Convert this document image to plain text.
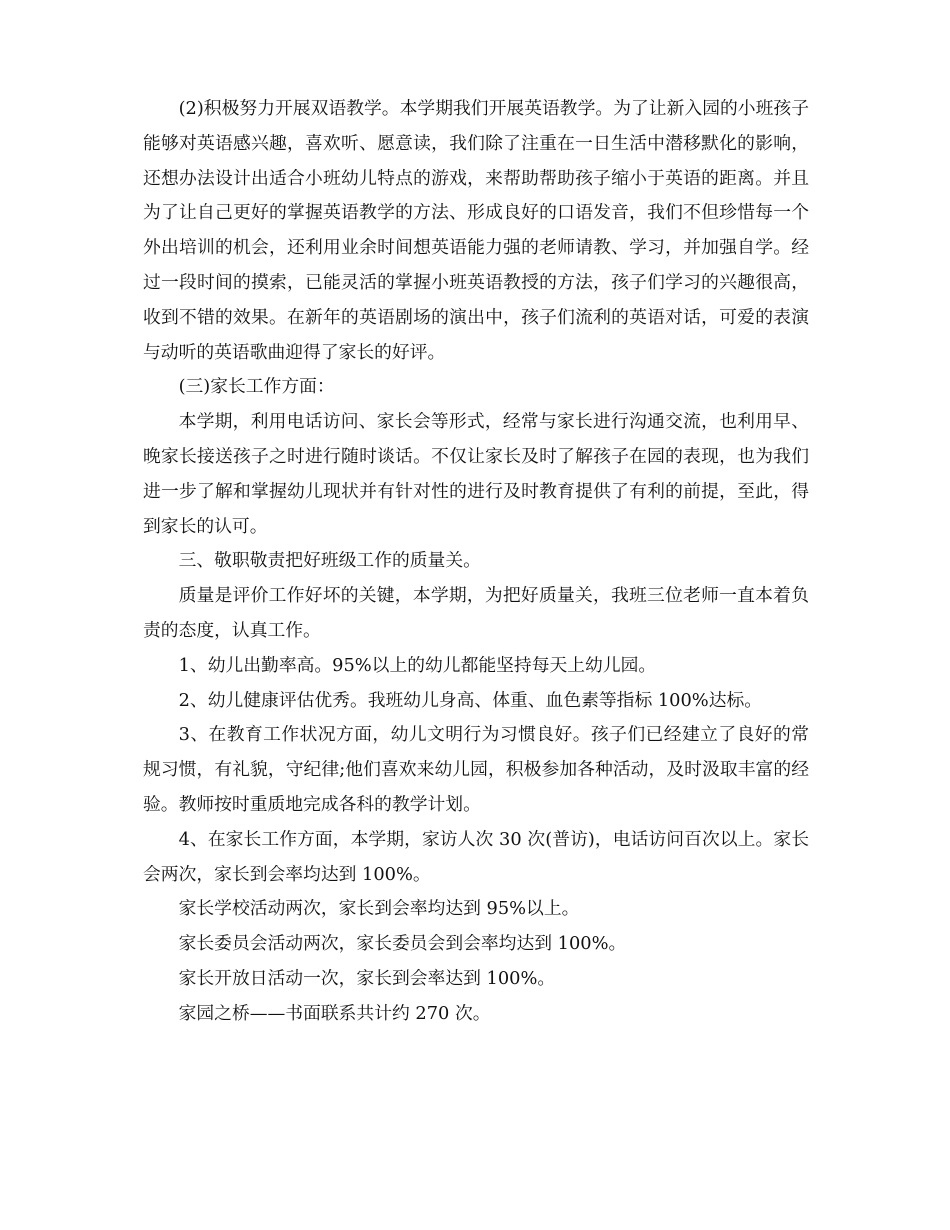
(2)积极努力开展双语教学。本学期我们开展英语教学。为了让新入园的小班孩子能够对英语感兴趣，喜欢听、愿意读，我们除了注重在一日生活中潜移默化的影响，还想办法设计出适合小班幼儿特点的游戏，来帮助帮助孩子缩小于英语的距离。并且为了让自己更好的掌握英语教学的方法、形成良好的口语发音，我们不但珍惜每一个外出培训的机会，还利用业余时间想英语能力强的老师请教、学习，并加强自学。经过一段时间的摸索，已能灵活的掌握小班英语教授的方法，孩子们学习的兴趣很高，收到不错的效果。在新年的英语剧场的演出中，孩子们流利的英语对话，可爱的表演与动听的英语歌曲迎得了家长的好评。

(三)家长工作方面：

本学期，利用电话访问、家长会等形式，经常与家长进行沟通交流，也利用早、晚家长接送孩子之时进行随时谈话。不仅让家长及时了解孩子在园的表现，也为我们进一步了解和掌握幼儿现状并有针对性的进行及时教育提供了有利的前提，至此，得到家长的认可。

三、敬职敬责把好班级工作的质量关。

质量是评价工作好坏的关键，本学期，为把好质量关，我班三位老师一直本着负责的态度，认真工作。

1、幼儿出勤率高。95%以上的幼儿都能坚持每天上幼儿园。

2、幼儿健康评估优秀。我班幼儿身高、体重、血色素等指标 100%达标。

3、在教育工作状况方面，幼儿文明行为习惯良好。孩子们已经建立了良好的常规习惯，有礼貌，守纪律;他们喜欢来幼儿园，积极参加各种活动，及时汲取丰富的经验。教师按时重质地完成各科的教学计划。

4、在家长工作方面，本学期，家访人次 30 次(普访)，电话访问百次以上。家长会两次，家长到会率均达到 100%。

家长学校活动两次，家长到会率均达到 95%以上。

家长委员会活动两次，家长委员会到会率均达到 100%。

家长开放日活动一次，家长到会率达到 100%。

家园之桥——书面联系共计约 270 次。
